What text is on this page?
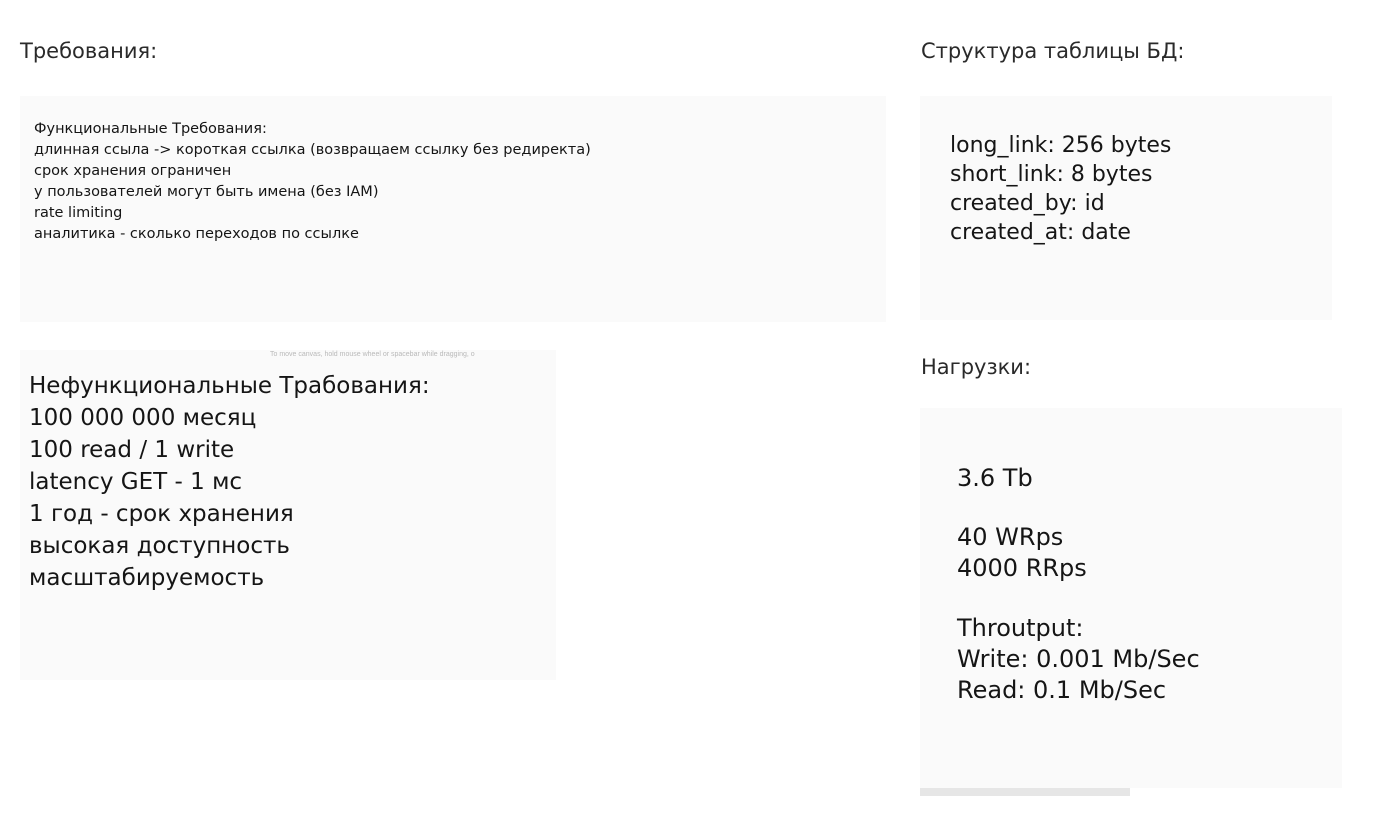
Требования:	Структура таблицы БД:
Нагрузки:
Функциональные Требования:
длинная ссыла -> короткая ссылка (возвращаем ссылку без редиректа)
срок хранения ограничен
у пользователей могут быть имена (без IAM)
rate limiting
аналитика - сколько переходов по ссылке
To move canvas, hold mouse wheel or spacebar while dragging, o
Нефункциональные Трабования:
100 000 000 месяц
100 read / 1 write
latency GET - 1 мс
1 год - срок хранения
высокая доступность
масштабируемость
long_link: 256 bytes
short_link: 8 bytes
created_by: id
created_at: date
3.6 Tb
40 WRps
4000 RRps
Throutput:
Write: 0.001 Mb/Sec
Read: 0.1 Mb/Sec
